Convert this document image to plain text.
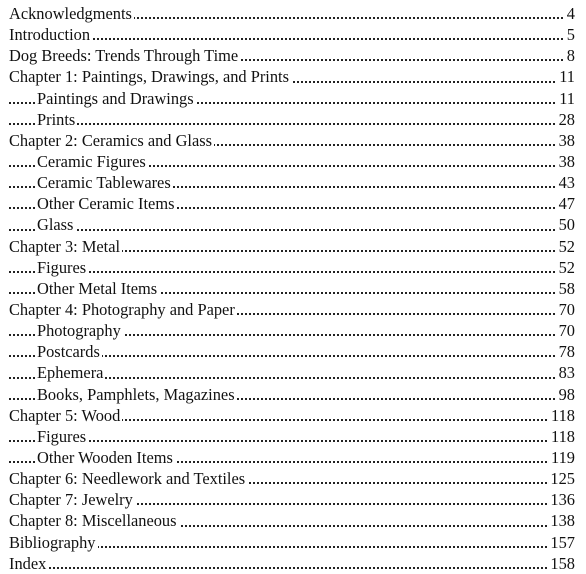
Acknowledgments	4
Introduction	5
Dog Breeds: Trends Through Time	8
Chapter 1: Paintings, Drawings, and Prints	11
Paintings and Drawings	11
Prints	28
Chapter 2: Ceramics and Glass	38
Ceramic Figures	38
Ceramic Tablewares	43
Other Ceramic Items	47
Glass	50
Chapter 3: Metal	52
Figures	52
Other Metal Items	58
Chapter 4: Photography and Paper	70
Photography	70
Postcards	78
Ephemera	83
Books, Pamphlets, Magazines	98
Chapter 5: Wood	118
Figures	118
Other Wooden Items	119
Chapter 6: Needlework and Textiles	125
Chapter 7: Jewelry	136
Chapter 8: Miscellaneous	138
Bibliography	157
Index	158
